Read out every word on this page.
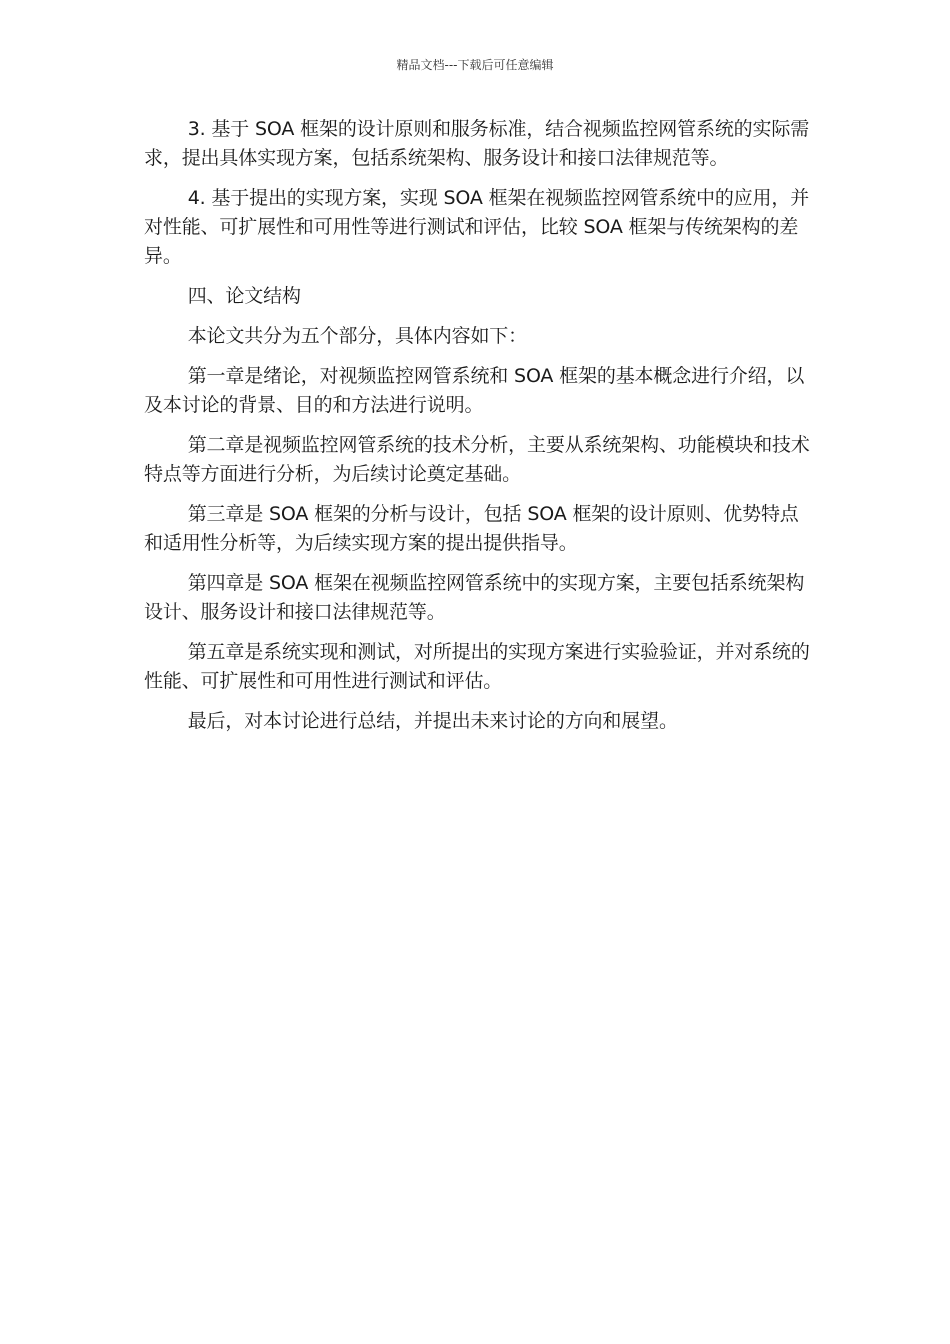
精品文档---下载后可任意编辑

3. 基于 SOA 框架的设计原则和服务标准，结合视频监控网管系统的实际需求，提出具体实现方案，包括系统架构、服务设计和接口法律规范等。

4. 基于提出的实现方案，实现 SOA 框架在视频监控网管系统中的应用，并对性能、可扩展性和可用性等进行测试和评估，比较 SOA 框架与传统架构的差异。

四、论文结构

本论文共分为五个部分，具体内容如下：

第一章是绪论，对视频监控网管系统和 SOA 框架的基本概念进行介绍，以及本讨论的背景、目的和方法进行说明。

第二章是视频监控网管系统的技术分析，主要从系统架构、功能模块和技术特点等方面进行分析，为后续讨论奠定基础。

第三章是 SOA 框架的分析与设计，包括 SOA 框架的设计原则、优势特点和适用性分析等，为后续实现方案的提出提供指导。

第四章是 SOA 框架在视频监控网管系统中的实现方案，主要包括系统架构设计、服务设计和接口法律规范等。

第五章是系统实现和测试，对所提出的实现方案进行实验验证，并对系统的性能、可扩展性和可用性进行测试和评估。

最后，对本讨论进行总结，并提出未来讨论的方向和展望。
